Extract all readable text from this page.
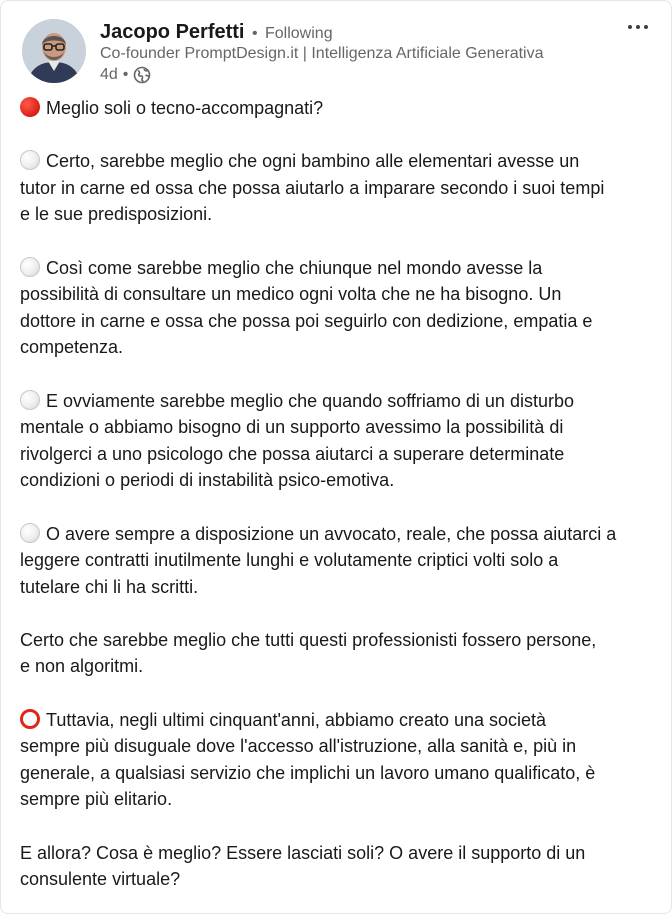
Jacopo Perfetti • Following
Co-founder PromptDesign.it | Intelligenza Artificiale Generativa
4d •
Meglio soli o tecno-accompagnati?
Certo, sarebbe meglio che ogni bambino alle elementari avesse un
tutor in carne ed ossa che possa aiutarlo a imparare secondo i suoi tempi
e le sue predisposizioni.
Così come sarebbe meglio che chiunque nel mondo avesse la
possibilità di consultare un medico ogni volta che ne ha bisogno. Un
dottore in carne e ossa che possa poi seguirlo con dedizione, empatia e
competenza.
E ovviamente sarebbe meglio che quando soffriamo di un disturbo
mentale o abbiamo bisogno di un supporto avessimo la possibilità di
rivolgerci a uno psicologo che possa aiutarci a superare determinate
condizioni o periodi di instabilità psico-emotiva.
O avere sempre a disposizione un avvocato, reale, che possa aiutarci a
leggere contratti inutilmente lunghi e volutamente criptici volti solo a
tutelare chi li ha scritti.
Certo che sarebbe meglio che tutti questi professionisti fossero persone,
e non algoritmi.
Tuttavia, negli ultimi cinquant'anni, abbiamo creato una società
sempre più disuguale dove l'accesso all'istruzione, alla sanità e, più in
generale, a qualsiasi servizio che implichi un lavoro umano qualificato, è
sempre più elitario.
E allora? Cosa è meglio? Essere lasciati soli? O avere il supporto di un
consulente virtuale?
